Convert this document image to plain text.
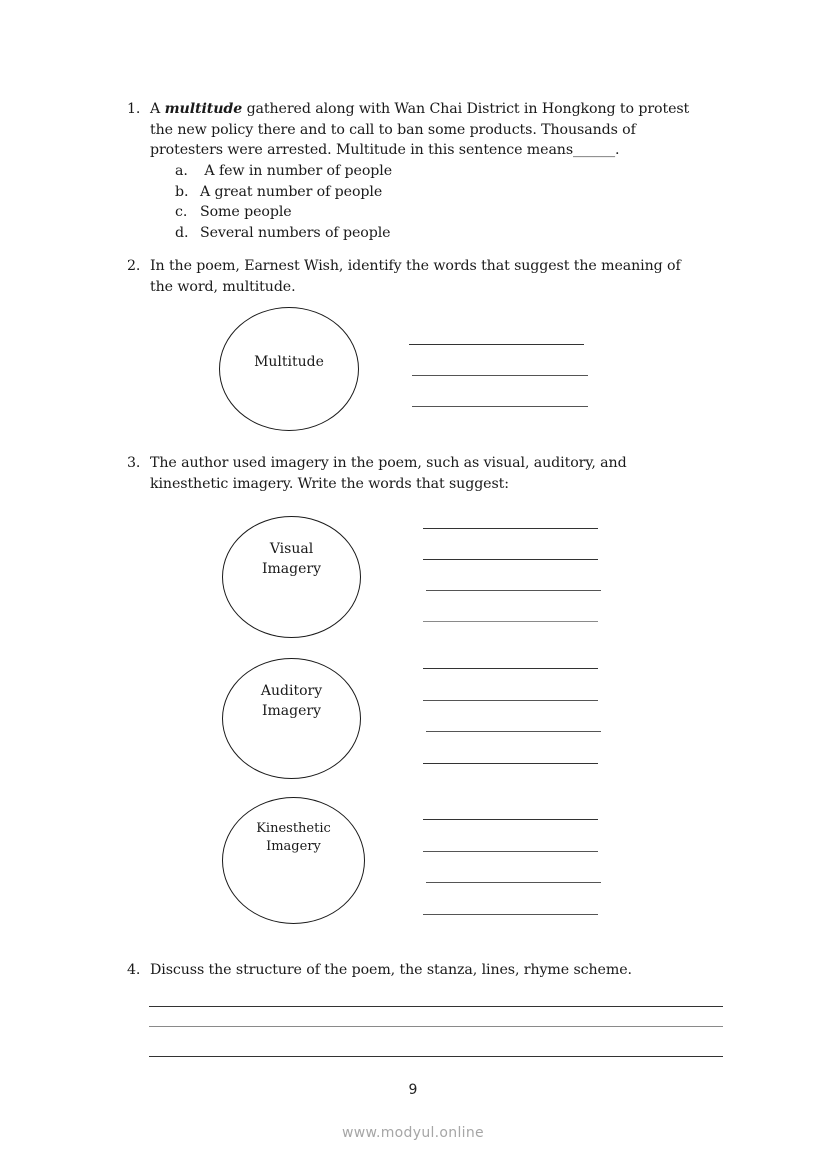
1. A multitude gathered along with Wan Chai District in Hongkong to protest
the new policy there and to call to ban some products. Thousands of
protesters were arrested. Multitude in this sentence means______.
a. A few in number of people
b. A great number of people
c. Some people
d. Several numbers of people
2. In the poem, Earnest Wish, identify the words that suggest the meaning of
the word, multitude.
Multitude
3. The author used imagery in the poem, such as visual, auditory, and
kinesthetic imagery. Write the words that suggest:
Visual
Imagery
Auditory
Imagery
Kinesthetic
Imagery
4. Discuss the structure of the poem, the stanza, lines, rhyme scheme.
9
www.modyul.online
